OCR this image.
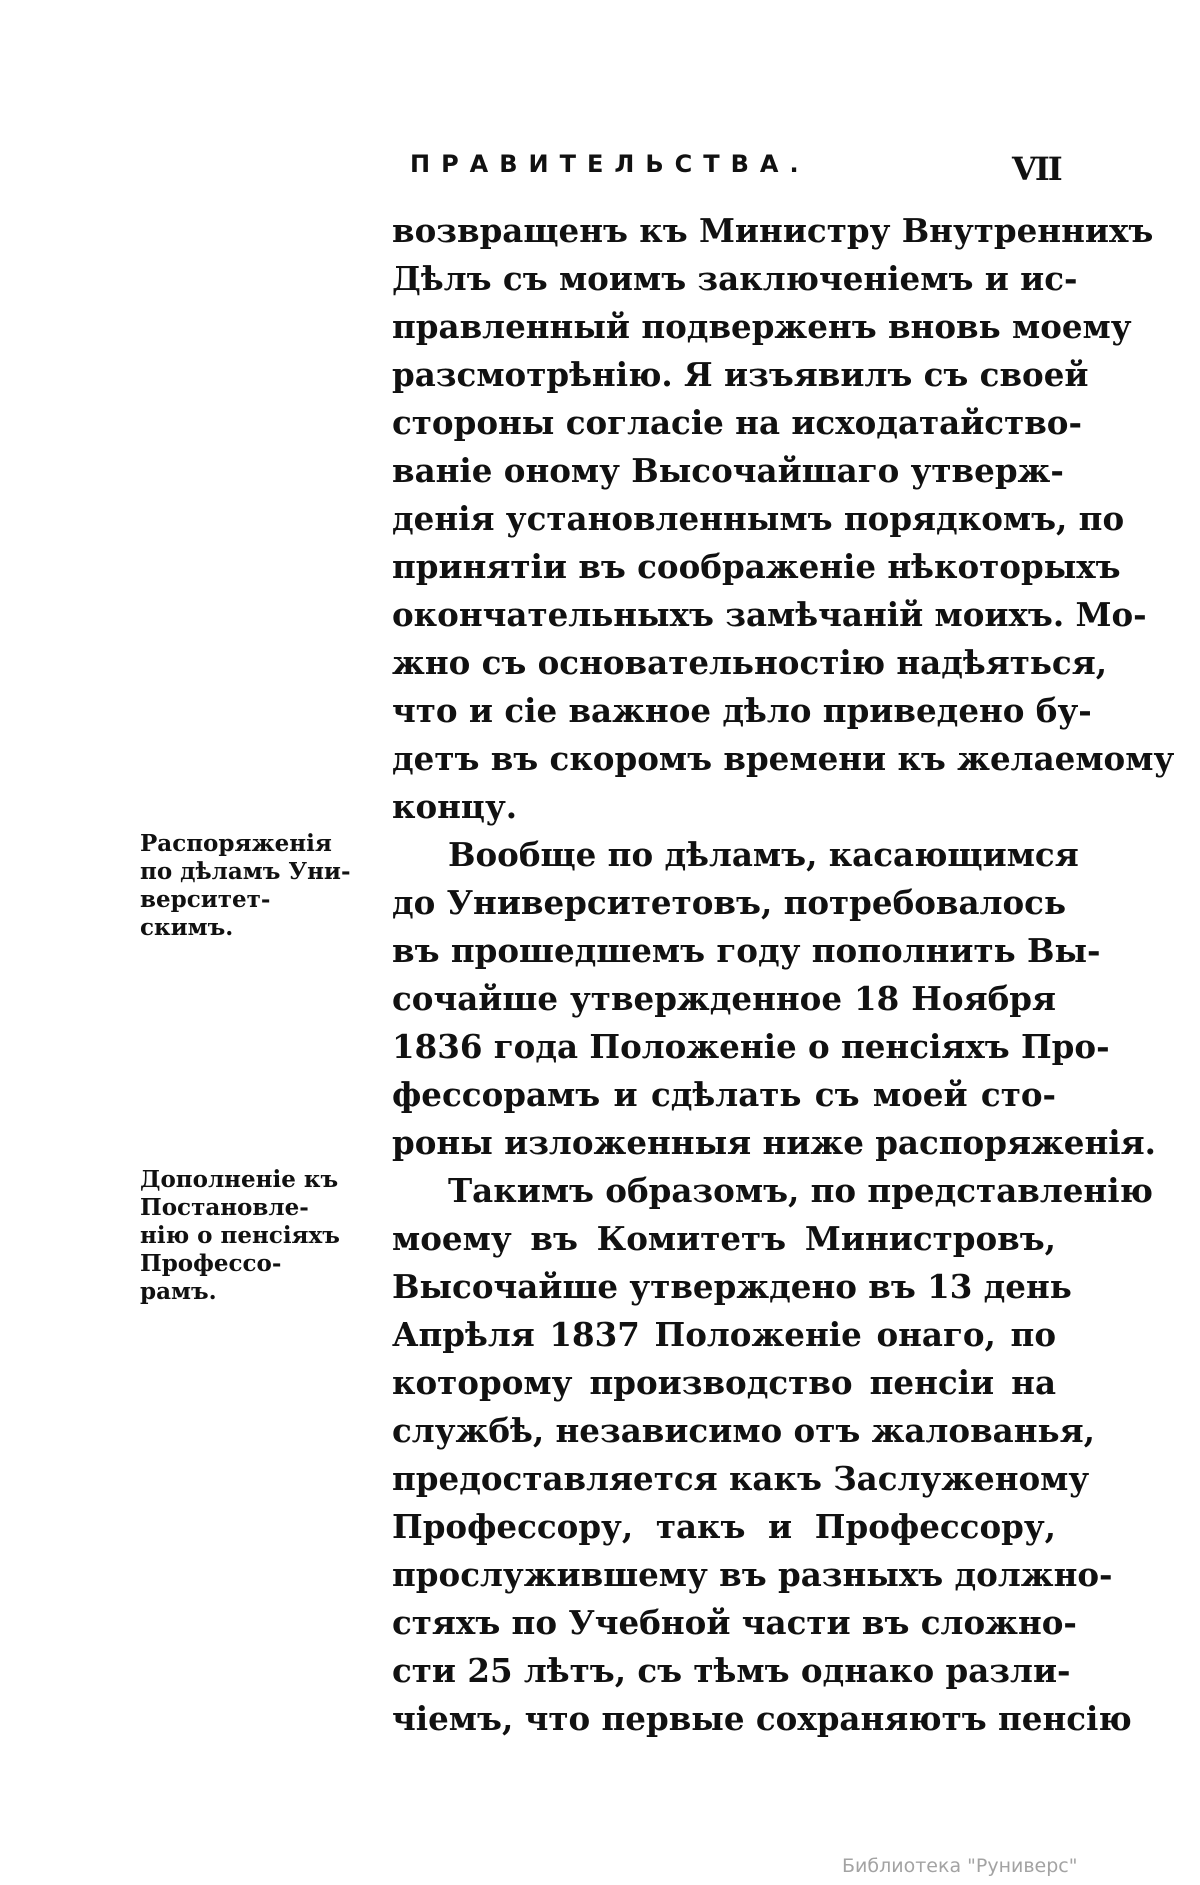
ПРАВИТЕЛЬСТВА.	VII
возвращенъ къ Министру Внутреннихъ
Дѣлъ съ моимъ заключеніемъ и ис-
правленный подверженъ вновь моему
разсмотрѣнію. Я изъявилъ съ своей
стороны согласіе на исходатайство-
ваніе оному Высочайшаго утверж-
денія установленнымъ порядкомъ, по
принятіи въ соображеніе нѣкоторыхъ
окончательныхъ замѣчаній моихъ. Мо-
жно съ основательностію надѣяться,
что и сіе важное дѣло приведено бу-
детъ въ скоромъ времени къ желаемому
концу.
Вообще по дѣламъ, касающимся
до Университетовъ, потребовалось
въ прошедшемъ году пополнить Вы-
сочайше утвержденное 18 Ноября
1836 года Положеніе о пенсіяхъ Про-
фессорамъ и сдѣлать съ моей сто-
роны изложенныя ниже распоряженія.
Такимъ образомъ, по представленію
моему въ Комитетъ Министровъ,
Высочайше утверждено въ 13 день
Апрѣля 1837 Положеніе онаго, по
которому производство пенсіи на
службѣ, независимо отъ жалованья,
предоставляется какъ Заслуженому
Профессору, такъ и Профессору,
прослужившему въ разныхъ должно-
стяхъ по Учебной части въ сложно-
сти 25 лѣтъ, съ тѣмъ однако разли-
чіемъ, что первые сохраняютъ пенсію
Распоряженія
по дѣламъ Уни-
верситет-
скимъ.
Дополненіе къ
Постановле-
нію о пенсіяхъ
Профессо-
рамъ.
Библиотека "Руниверс"
